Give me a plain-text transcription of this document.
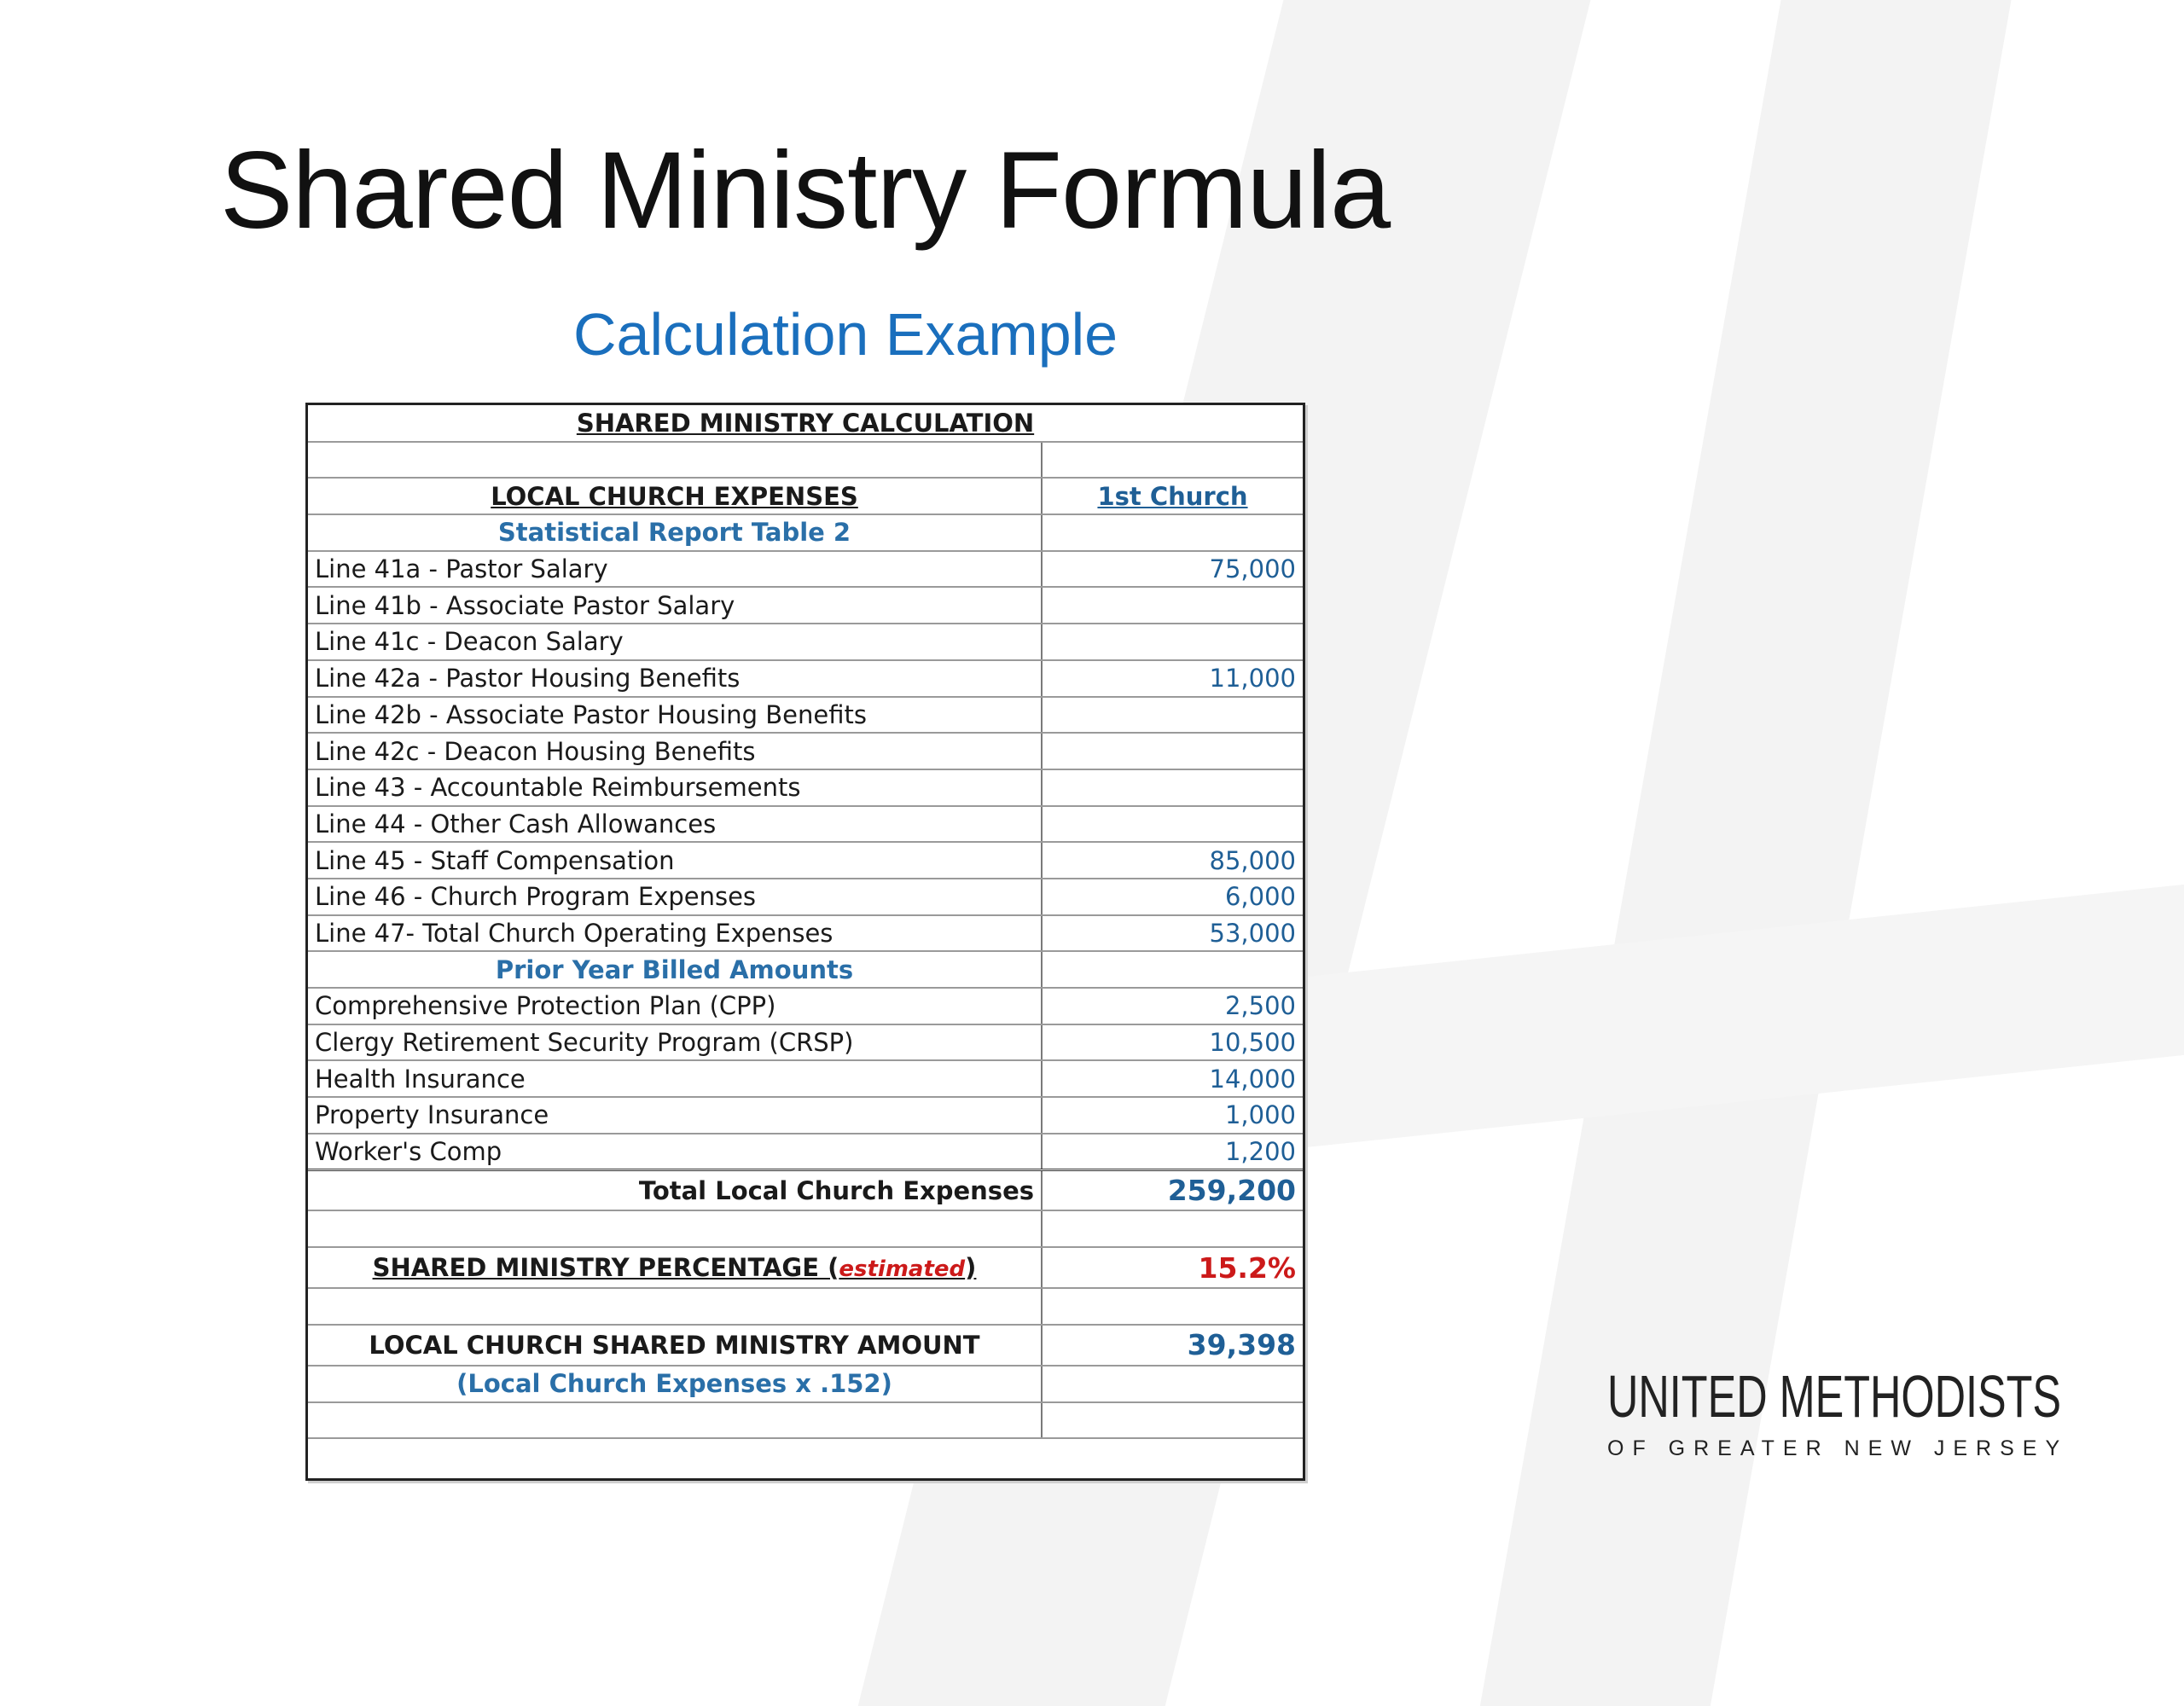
Shared Ministry Formula
Calculation Example
SHARED MINISTRY CALCULATION	

LOCAL CHURCH EXPENSES	1st Church
Statistical Report Table 2	
Line 41a - Pastor Salary	75,000
Line 41b - Associate Pastor Salary	
Line 41c - Deacon Salary	
Line 42a - Pastor Housing Benefits	11,000
Line 42b - Associate Pastor Housing Benefits	
Line 42c - Deacon Housing Benefits	
Line 43 - Accountable Reimbursements	
Line 44 - Other Cash Allowances	
Line 45 - Staff Compensation	85,000
Line 46 - Church Program Expenses	6,000
Line 47- Total Church Operating Expenses	53,000
Prior Year Billed Amounts	
Comprehensive Protection Plan (CPP)	2,500
Clergy Retirement Security Program (CRSP)	10,500
Health Insurance	14,000
Property Insurance	1,000
Worker's Comp	1,200
Total Local Church Expenses	259,200

SHARED MINISTRY PERCENTAGE (estimated)	15.2%

LOCAL CHURCH SHARED MINISTRY AMOUNT	39,398
(Local Church Expenses x .152)	
		UNITED METHODISTS
OF GREATER NEW JERSEY
